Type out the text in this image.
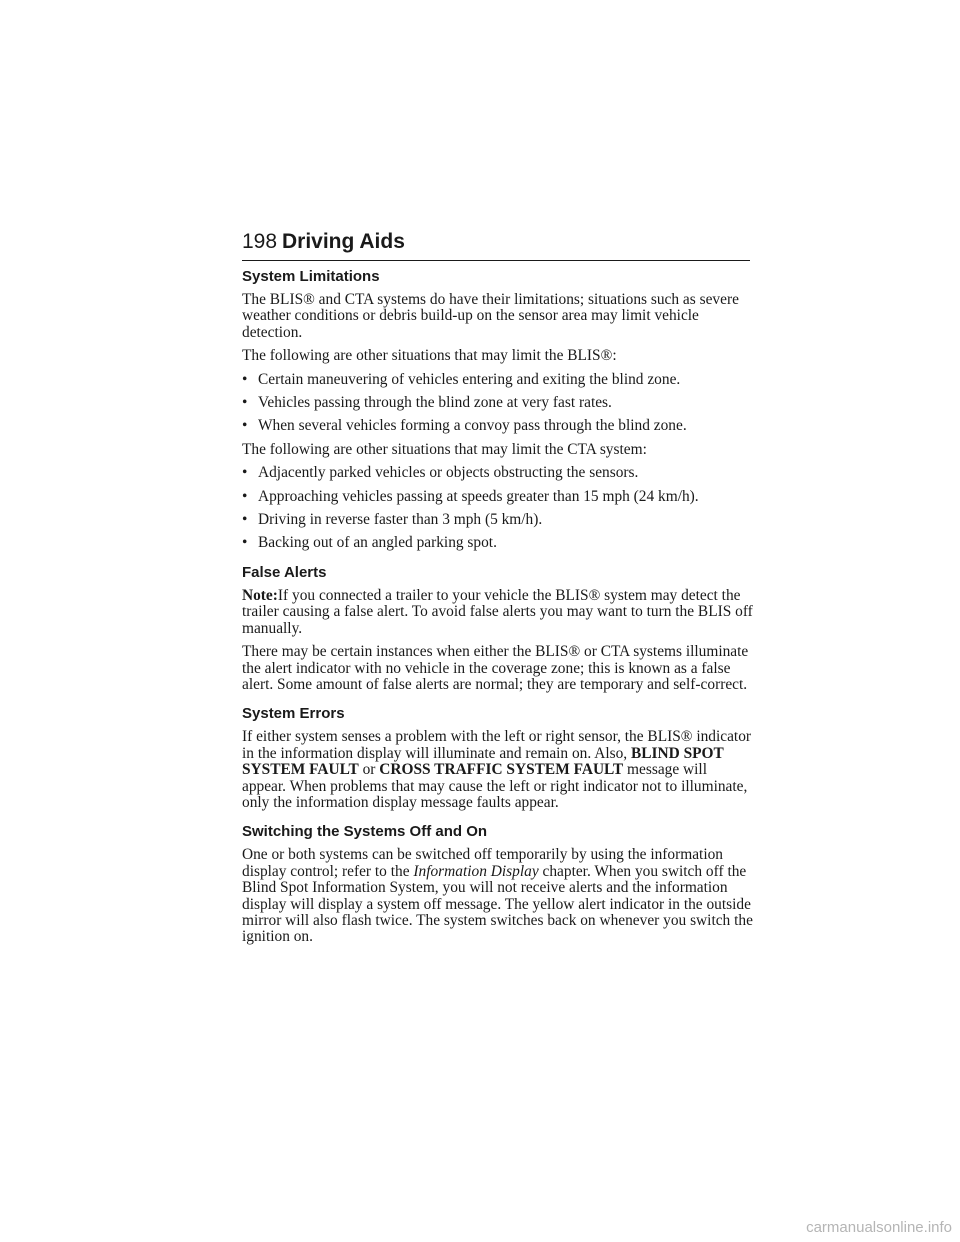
198 Driving Aids
System Limitations

The BLIS® and CTA systems do have their limitations; situations such as severe weather conditions or debris build-up on the sensor area may limit vehicle detection.

The following are other situations that may limit the BLIS®:

• Certain maneuvering of vehicles entering and exiting the blind zone.
• Vehicles passing through the blind zone at very fast rates.
• When several vehicles forming a convoy pass through the blind zone.

The following are other situations that may limit the CTA system:

• Adjacently parked vehicles or objects obstructing the sensors.
• Approaching vehicles passing at speeds greater than 15 mph (24 km/h).
• Driving in reverse faster than 3 mph (5 km/h).
• Backing out of an angled parking spot.
False Alerts

Note:If you connected a trailer to your vehicle the BLIS® system may detect the trailer causing a false alert. To avoid false alerts you may want to turn the BLIS off manually.

There may be certain instances when either the BLIS® or CTA systems illuminate the alert indicator with no vehicle in the coverage zone; this is known as a false alert. Some amount of false alerts are normal; they are temporary and self-correct.

System Errors

If either system senses a problem with the left or right sensor, the BLIS® indicator in the information display will illuminate and remain on. Also, BLIND SPOT SYSTEM FAULT or CROSS TRAFFIC SYSTEM FAULT message will appear. When problems that may cause the left or right indicator not to illuminate, only the information display message faults appear.

Switching the Systems Off and On

One or both systems can be switched off temporarily by using the information display control; refer to the Information Display chapter. When you switch off the Blind Spot Information System, you will not receive alerts and the information display will display a system off message. The yellow alert indicator in the outside mirror will also flash twice. The system switches back on whenever you switch the ignition on.

carmanualsonline.info
